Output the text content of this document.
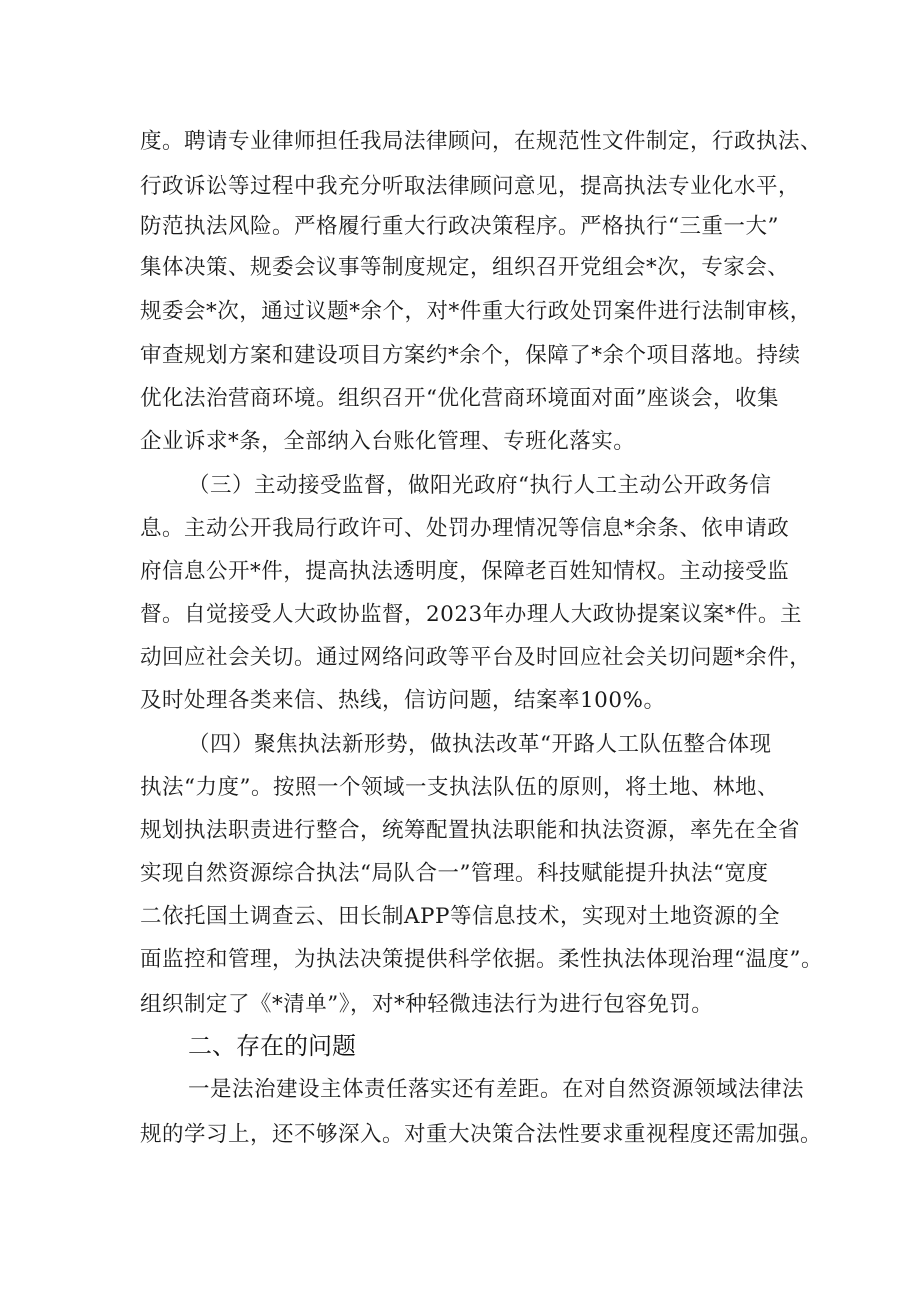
度。聘请专业律师担任我局法律顾问，在规范性文件制定，行政执法、
行政诉讼等过程中我充分听取法律顾问意见，提高执法专业化水平，
防范执法风险。严格履行重大行政决策程序。严格执行“三重一大”
集体决策、规委会议事等制度规定，组织召开党组会*次，专家会、
规委会*次，通过议题*余个，对*件重大行政处罚案件进行法制审核，
审查规划方案和建设项目方案约*余个，保障了*余个项目落地。持续
优化法治营商环境。组织召开“优化营商环境面对面”座谈会，收集
企业诉求*条，全部纳入台账化管理、专班化落实。
（三）主动接受监督，做阳光政府“执行人工主动公开政务信
息。主动公开我局行政许可、处罚办理情况等信息*余条、依申请政
府信息公开*件，提高执法透明度，保障老百姓知情权。主动接受监
督。自觉接受人大政协监督，2023年办理人大政协提案议案*件。主
动回应社会关切。通过网络问政等平台及时回应社会关切问题*余件，
及时处理各类来信、热线，信访问题，结案率100%。
（四）聚焦执法新形势，做执法改革“开路人工队伍整合体现
执法“力度”。按照一个领域一支执法队伍的原则，将土地、林地、
规划执法职责进行整合，统筹配置执法职能和执法资源，率先在全省
实现自然资源综合执法“局队合一”管理。科技赋能提升执法“宽度
二依托国土调查云、田长制APP等信息技术，实现对土地资源的全
面监控和管理，为执法决策提供科学依据。柔性执法体现治理“温度”。
组织制定了《*清单”》，对*种轻微违法行为进行包容免罚。
二、存在的问题
一是法治建设主体责任落实还有差距。在对自然资源领域法律法
规的学习上，还不够深入。对重大决策合法性要求重视程度还需加强。
